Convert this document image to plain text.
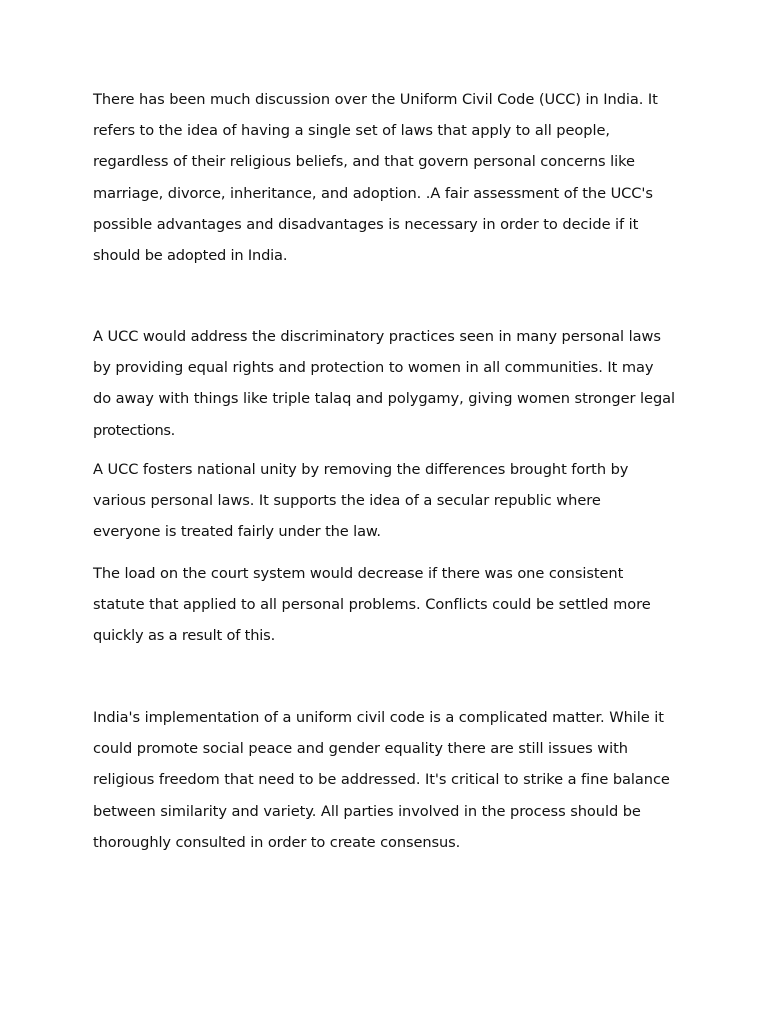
There has been much discussion over the Uniform Civil Code (UCC) in India. It
refers to the idea of having a single set of laws that apply to all people,
regardless of their religious beliefs, and that govern personal concerns like
marriage, divorce, inheritance, and adoption. .A fair assessment of the UCC's
possible advantages and disadvantages is necessary in order to decide if it
should be adopted in India.

A UCC would address the discriminatory practices seen in many personal laws
by providing equal rights and protection to women in all communities. It may
do away with things like triple talaq and polygamy, giving women stronger legal
protections.

A UCC fosters national unity by removing the differences brought forth by
various personal laws. It supports the idea of a secular republic where
everyone is treated fairly under the law.

The load on the court system would decrease if there was one consistent
statute that applied to all personal problems. Conflicts could be settled more
quickly as a result of this.

India's implementation of a uniform civil code is a complicated matter. While it
could promote social peace and gender equality there are still issues with
religious freedom that need to be addressed. It's critical to strike a fine balance
between similarity and variety. All parties involved in the process should be
thoroughly consulted in order to create consensus.
